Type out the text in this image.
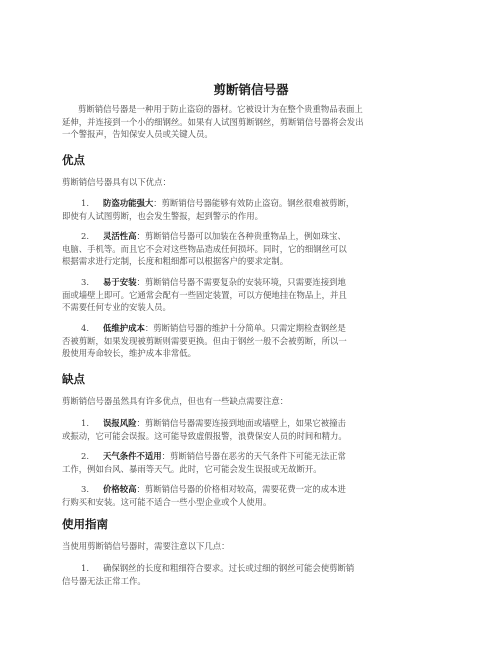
剪断销信号器
剪断销信号器是一种用于防止盗窃的器材。它被设计为在整个贵重物品表面上
延伸，并连接到一个小的细钢丝。如果有人试图剪断钢丝，剪断销信号器将会发出
一个警报声，告知保安人员或关键人员。
优点
剪断销信号器具有以下优点：
1. 防盗功能强大：剪断销信号器能够有效防止盗窃。钢丝很难被剪断，
即使有人试图剪断，也会发生警报，起到警示的作用。
2. 灵活性高：剪断销信号器可以加装在各种贵重物品上，例如珠宝、
电脑、手机等。而且它不会对这些物品造成任何损坏。同时，它的细钢丝可以
根据需求进行定制，长度和粗细都可以根据客户的要求定制。
3. 易于安装：剪断销信号器不需要复杂的安装环境，只需要连接到地
面或墙壁上即可。它通常会配有一些固定装置，可以方便地挂在物品上，并且
不需要任何专业的安装人员。
4. 低维护成本：剪断销信号器的维护十分简单。只需定期检查钢丝是
否被剪断，如果发现被剪断则需要更换。但由于钢丝一般不会被剪断，所以一
般使用寿命较长，维护成本非常低。
缺点
剪断销信号器虽然具有许多优点，但也有一些缺点需要注意：
1. 误报风险：剪断销信号器需要连接到地面或墙壁上，如果它被撞击
或振动，它可能会误报。这可能导致虚假报警，浪费保安人员的时间和精力。
2. 天气条件不适用：剪断销信号器在恶劣的天气条件下可能无法正常
工作，例如台风、暴雨等天气。此时，它可能会发生误报或无故断开。
3. 价格较高：剪断销信号器的价格相对较高，需要花费一定的成本进
行购买和安装。这可能不适合一些小型企业或个人使用。
使用指南
当使用剪断销信号器时，需要注意以下几点：
1. 确保钢丝的长度和粗细符合要求。过长或过细的钢丝可能会使剪断销
信号器无法正常工作。
